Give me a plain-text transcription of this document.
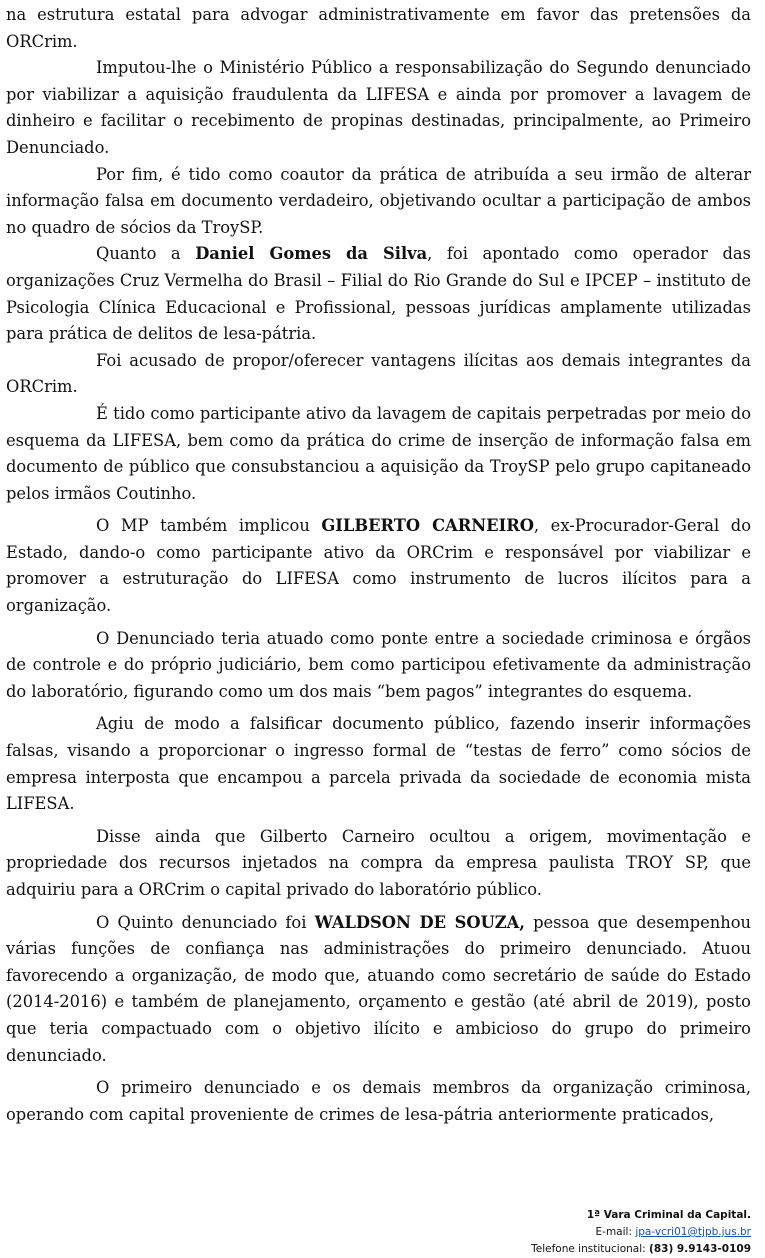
na estrutura estatal para advogar administrativamente em favor das pretensões da ORCrim.

Imputou-lhe o Ministério Público a responsabilização do Segundo denunciado por viabilizar a aquisição fraudulenta da LIFESA e ainda por promover a lavagem de dinheiro e facilitar o recebimento de propinas destinadas, principalmente, ao Primeiro Denunciado.

Por fim, é tido como coautor da prática de atribuída a seu irmão de alterar informação falsa em documento verdadeiro, objetivando ocultar a participação de ambos no quadro de sócios da TroySP.

Quanto a Daniel Gomes da Silva, foi apontado como operador das organizações Cruz Vermelha do Brasil – Filial do Rio Grande do Sul e IPCEP – instituto de Psicologia Clínica Educacional e Profissional, pessoas jurídicas amplamente utilizadas para prática de delitos de lesa-pátria.

Foi acusado de propor/oferecer vantagens ilícitas aos demais integrantes da ORCrim.

É tido como participante ativo da lavagem de capitais perpetradas por meio do esquema da LIFESA, bem como da prática do crime de inserção de informação falsa em documento de público que consubstanciou a aquisição da TroySP pelo grupo capitaneado pelos irmãos Coutinho.

O MP também implicou GILBERTO CARNEIRO, ex-Procurador-Geral do Estado, dando-o como participante ativo da ORCrim e responsável por viabilizar e promover a estruturação do LIFESA como instrumento de lucros ilícitos para a organização.

O Denunciado teria atuado como ponte entre a sociedade criminosa e órgãos de controle e do próprio judiciário, bem como participou efetivamente da administração do laboratório, figurando como um dos mais “bem pagos” integrantes do esquema.

Agiu de modo a falsificar documento público, fazendo inserir informações falsas, visando a proporcionar o ingresso formal de “testas de ferro” como sócios de empresa interposta que encampou a parcela privada da sociedade de economia mista LIFESA.

Disse ainda que Gilberto Carneiro ocultou a origem, movimentação e propriedade dos recursos injetados na compra da empresa paulista TROY SP, que adquiriu para a ORCrim o capital privado do laboratório público.

O Quinto denunciado foi WALDSON DE SOUZA, pessoa que desempenhou várias funções de confiança nas administrações do primeiro denunciado. Atuou favorecendo a organização, de modo que, atuando como secretário de saúde do Estado (2014-2016) e também de planejamento, orçamento e gestão (até abril de 2019), posto que teria compactuado com o objetivo ilícito e ambicioso do grupo do primeiro denunciado.

O primeiro denunciado e os demais membros da organização criminosa, operando com capital proveniente de crimes de lesa-pátria anteriormente praticados,

1ª Vara Criminal da Capital.
E-mail: jpa-vcri01@tjpb.jus.br
Telefone institucional: (83) 9.9143-0109
